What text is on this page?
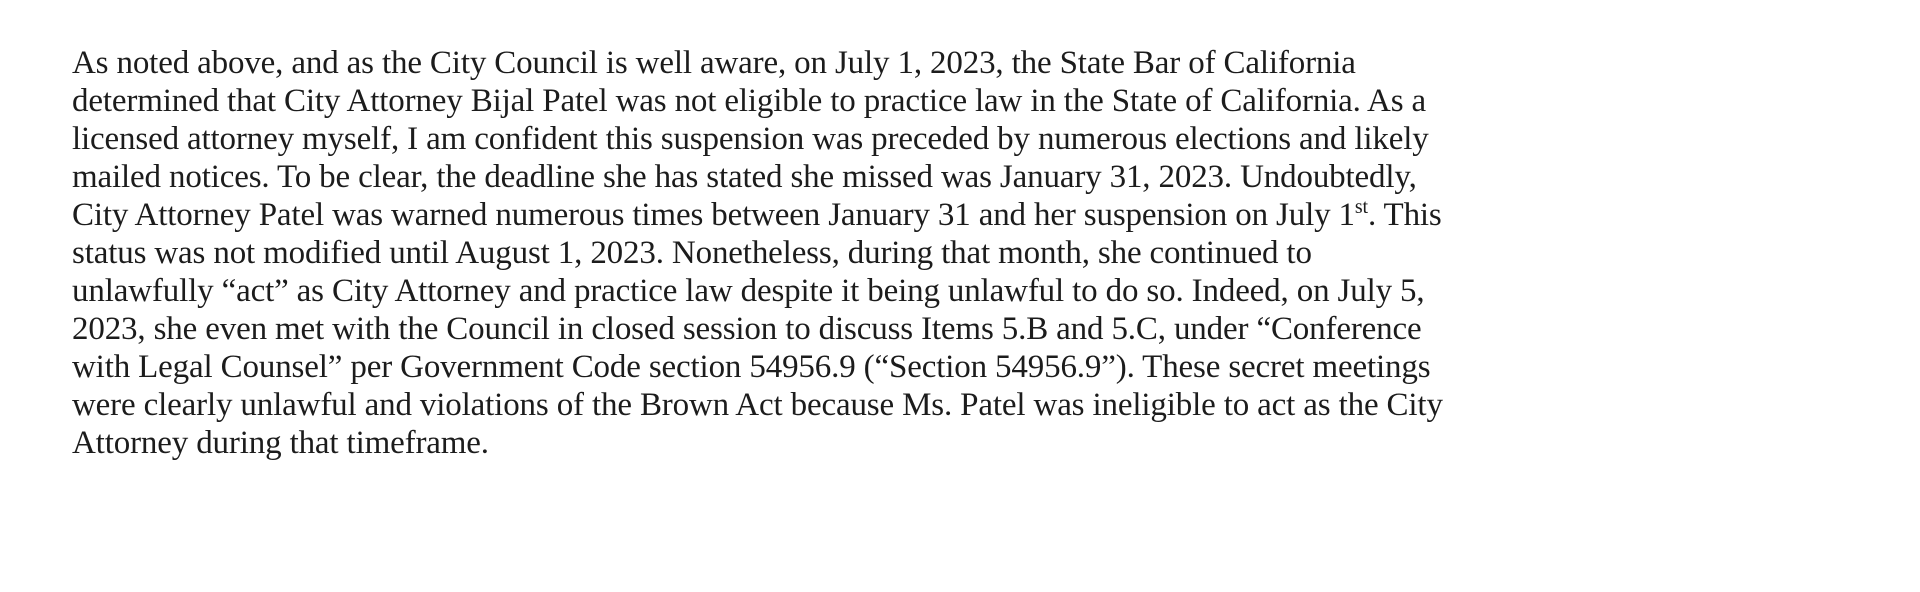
As noted above, and as the City Council is well aware, on July 1, 2023, the State Bar of California
determined that City Attorney Bijal Patel was not eligible to practice law in the State of California. As a
licensed attorney myself, I am confident this suspension was preceded by numerous elections and likely
mailed notices. To be clear, the deadline she has stated she missed was January 31, 2023. Undoubtedly,
City Attorney Patel was warned numerous times between January 31 and her suspension on July 1st. This
status was not modified until August 1, 2023. Nonetheless, during that month, she continued to
unlawfully “act” as City Attorney and practice law despite it being unlawful to do so. Indeed, on July 5,
2023, she even met with the Council in closed session to discuss Items 5.B and 5.C, under “Conference
with Legal Counsel” per Government Code section 54956.9 (“Section 54956.9”). These secret meetings
were clearly unlawful and violations of the Brown Act because Ms. Patel was ineligible to act as the City
Attorney during that timeframe.
